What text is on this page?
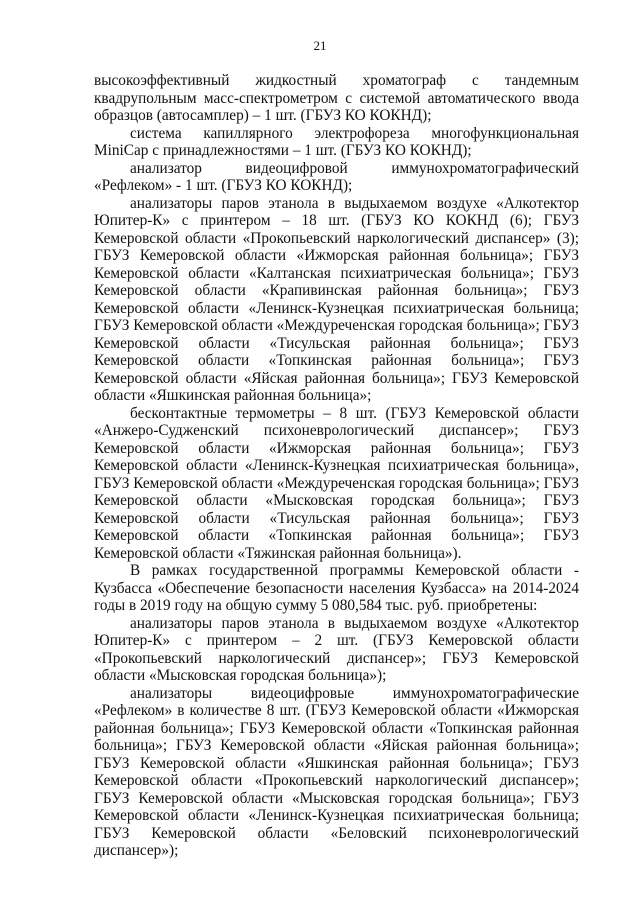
21

высокоэффективный жидкостный хроматограф с тандемным квадрупольным масс-спектрометром с системой автоматического ввода образцов (автосамплер) – 1 шт. (ГБУЗ КО КОКНД);

система капиллярного электрофореза многофункциональная MiniCap с принадлежностями – 1 шт. (ГБУЗ КО КОКНД);

анализатор видеоцифровой иммунохроматографический «Рефлеком» - 1 шт. (ГБУЗ КО КОКНД);

анализаторы паров этанола в выдыхаемом воздухе «Алкотектор Юпитер-К» с принтером – 18 шт. (ГБУЗ КО КОКНД (6); ГБУЗ Кемеровской области «Прокопьевский наркологический диспансер» (3); ГБУЗ Кемеровской области «Ижморская районная больница»; ГБУЗ Кемеровской области «Калтанская психиатрическая больница»; ГБУЗ Кемеровской области «Крапивинская районная больница»; ГБУЗ Кемеровской области «Ленинск-Кузнецкая психиатрическая больница; ГБУЗ Кемеровской области «Междуреченская городская больница»; ГБУЗ Кемеровской области «Тисульская районная больница»; ГБУЗ Кемеровской области «Топкинская районная больница»; ГБУЗ Кемеровской области «Яйская районная больница»; ГБУЗ Кемеровской области «Яшкинская районная больница»;

бесконтактные термометры – 8 шт. (ГБУЗ Кемеровской области «Анжеро-Судженский психоневрологический диспансер»; ГБУЗ Кемеровской области «Ижморская районная больница»; ГБУЗ Кемеровской области «Ленинск-Кузнецкая психиатрическая больница», ГБУЗ Кемеровской области «Междуреченская городская больница»; ГБУЗ Кемеровской области «Мысковская городская больница»; ГБУЗ Кемеровской области «Тисульская районная больница»; ГБУЗ Кемеровской области «Топкинская районная больница»; ГБУЗ Кемеровской области «Тяжинская районная больница»).

В рамках государственной программы Кемеровской области - Кузбасса «Обеспечение безопасности населения Кузбасса» на 2014-2024 годы в 2019 году на общую сумму 5 080,584 тыс. руб. приобретены:

анализаторы паров этанола в выдыхаемом воздухе «Алкотектор Юпитер-К» с принтером – 2 шт. (ГБУЗ Кемеровской области «Прокопьевский наркологический диспансер»; ГБУЗ Кемеровской области «Мысковская городская больница»);

анализаторы видеоцифровые иммунохроматографические «Рефлеком» в количестве 8 шт. (ГБУЗ Кемеровской области «Ижморская районная больница»; ГБУЗ Кемеровской области «Топкинская районная больница»; ГБУЗ Кемеровской области «Яйская районная больница»; ГБУЗ Кемеровской области «Яшкинская районная больница»; ГБУЗ Кемеровской области «Прокопьевский наркологический диспансер»; ГБУЗ Кемеровской области «Мысковская городская больница»; ГБУЗ Кемеровской области «Ленинск-Кузнецкая психиатрическая больница; ГБУЗ Кемеровской области «Беловский психоневрологический диспансер»);
